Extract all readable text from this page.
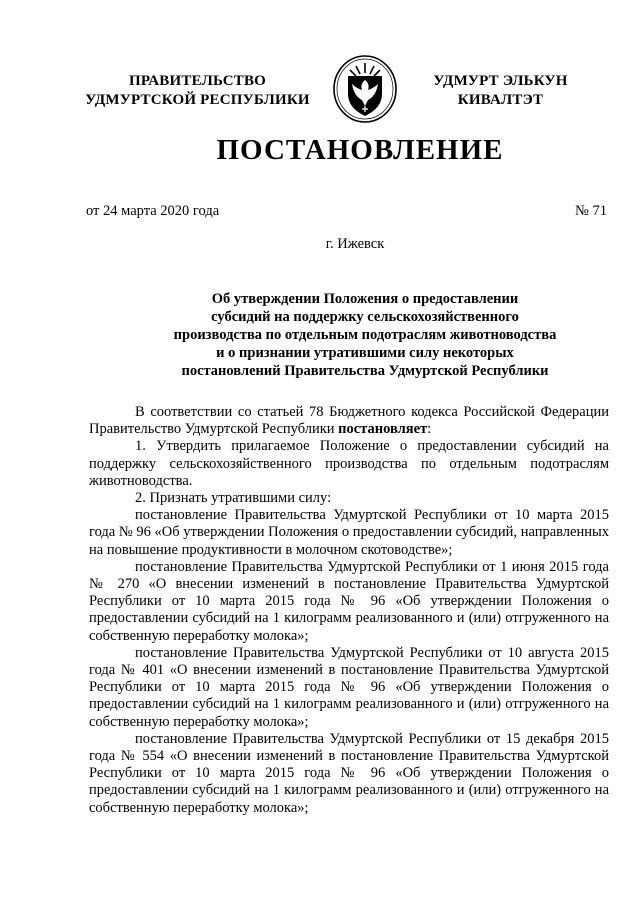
ПРАВИТЕЛЬСТВО
УДМУРТСКОЙ РЕСПУБЛИКИ
УДМУРТ ЭЛЬКУН
КИВАЛТЭТ
ПОСТАНОВЛЕНИЕ
от 24 марта 2020 года	№ 71
г. Ижевск
Об утверждении Положения о предоставлении
субсидий на поддержку сельскохозяйственного
производства по отдельным подотраслям животноводства
и о признании утратившими силу некоторых
постановлений Правительства Удмуртской Республики

В соответствии со статьей 78 Бюджетного кодекса Российской Федерации Правительство Удмуртской Республики постановляет:

1. Утвердить прилагаемое Положение о предоставлении субсидий на поддержку сельскохозяйственного производства по отдельным подотраслям животноводства.

2. Признать утратившими силу:

постановление Правительства Удмуртской Республики от 10 марта 2015 года № 96 «Об утверждении Положения о предоставлении субсидий, направленных на повышение продуктивности в молочном скотоводстве»;

постановление Правительства Удмуртской Республики от 1 июня 2015 года № 270 «О внесении изменений в постановление Правительства Удмуртской Республики от 10 марта 2015 года № 96 «Об утверждении Положения о предоставлении субсидий на 1 килограмм реализованного и (или) отгруженного на собственную переработку молока»;

постановление Правительства Удмуртской Республики от 10 августа 2015 года № 401 «О внесении изменений в постановление Правительства Удмуртской Республики от 10 марта 2015 года № 96 «Об утверждении Положения о предоставлении субсидий на 1 килограмм реализованного и (или) отгруженного на собственную переработку молока»;

постановление Правительства Удмуртской Республики от 15 декабря 2015 года № 554 «О внесении изменений в постановление Правительства Удмуртской Республики от 10 марта 2015 года № 96 «Об утверждении Положения о предоставлении субсидий на 1 килограмм реализованного и (или) отгруженного на собственную переработку молока»;
